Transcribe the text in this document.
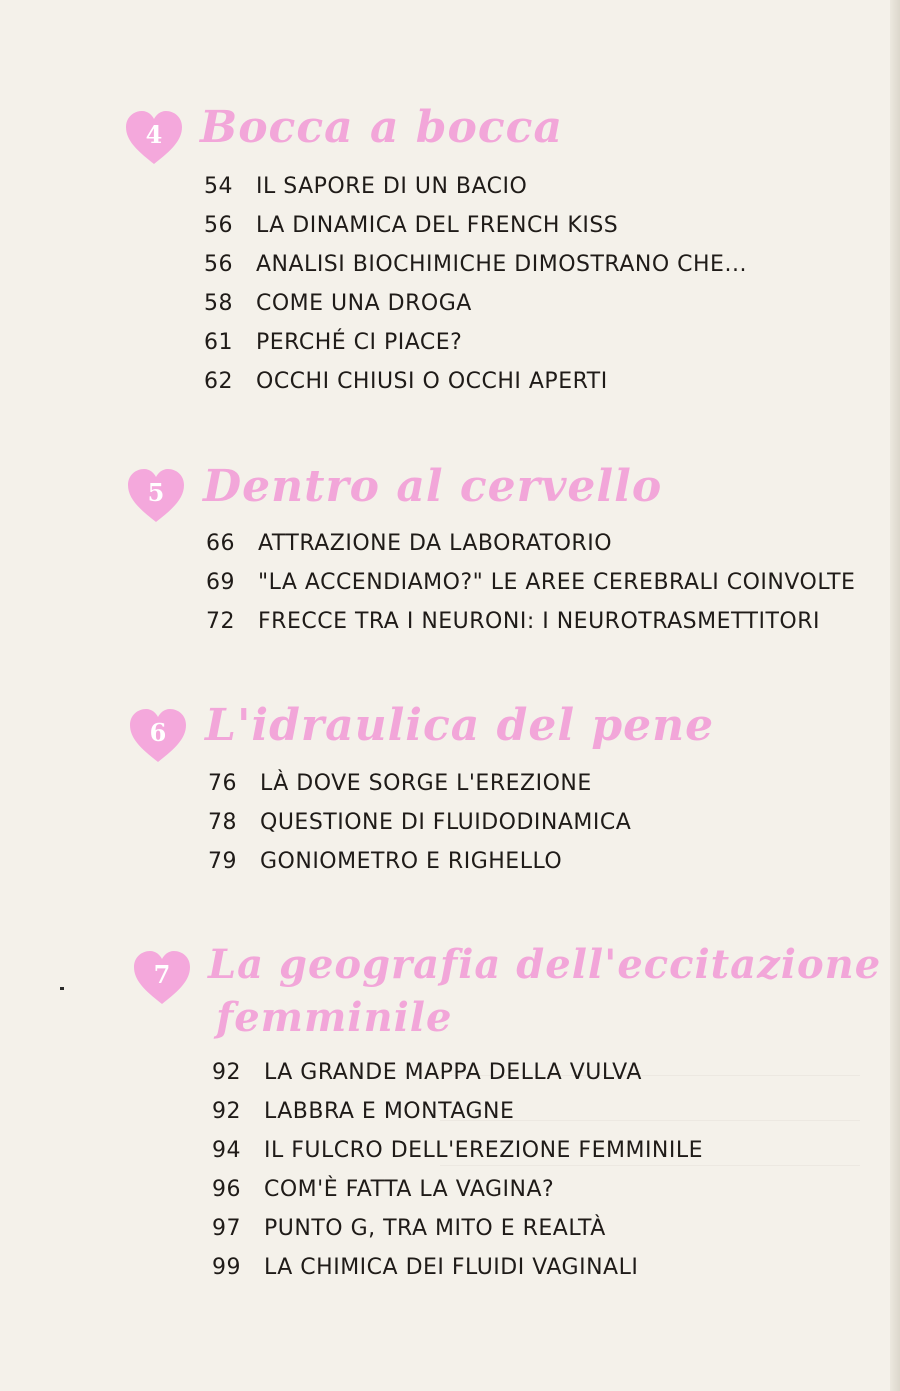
4 Bocca a bocca
54	IL SAPORE DI UN BACIO
56	LA DINAMICA DEL FRENCH KISS
56	ANALISI BIOCHIMICHE DIMOSTRANO CHE...
58	COME UNA DROGA
61	PERCHÉ CI PIACE?
62	OCCHI CHIUSI O OCCHI APERTI
5 Dentro al cervello
66	ATTRAZIONE DA LABORATORIO
69	"LA ACCENDIAMO?" LE AREE CEREBRALI COINVOLTE
72	FRECCE TRA I NEURONI: I NEUROTRASMETTITORI
6 L'idraulica del pene
76	LÀ DOVE SORGE L'EREZIONE
78	QUESTIONE DI FLUIDODINAMICA
79	GONIOMETRO E RIGHELLO
7 La geografia dell'eccitazione
femminile
92	LA GRANDE MAPPA DELLA VULVA
92	LABBRA E MONTAGNE
94	IL FULCRO DELL'EREZIONE FEMMINILE
96	COM'È FATTA LA VAGINA?
97	PUNTO G, TRA MITO E REALTÀ
99	LA CHIMICA DEI FLUIDI VAGINALI
